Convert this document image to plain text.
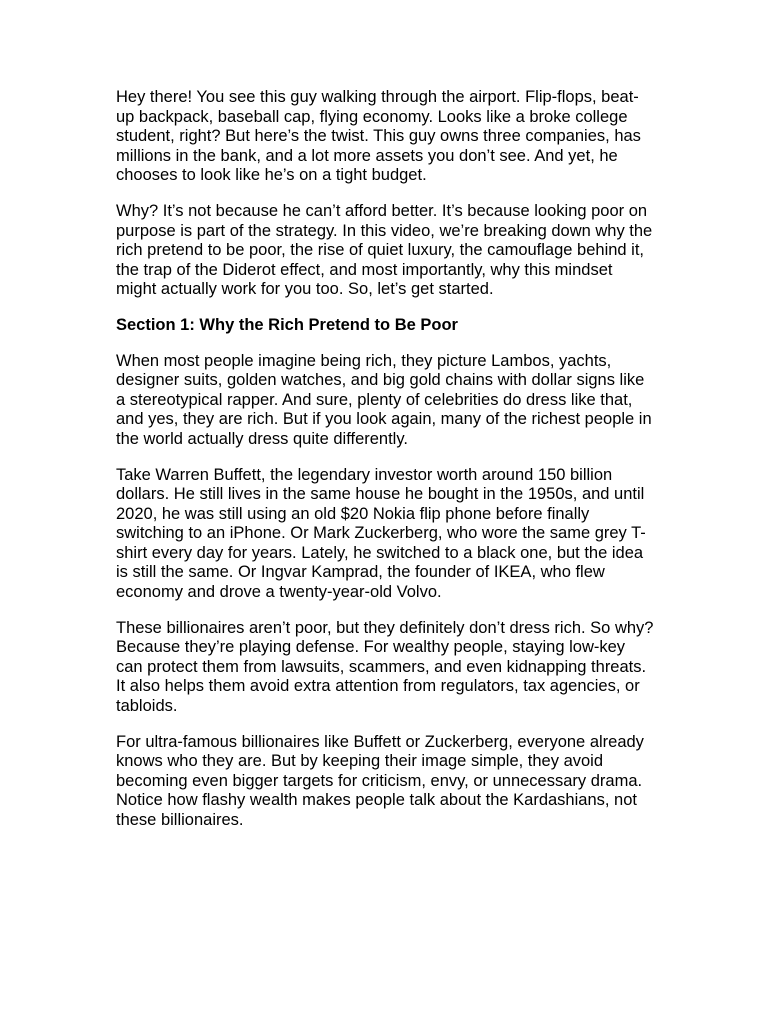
Hey there! You see this guy walking through the airport. Flip-flops, beat-up backpack, baseball cap, flying economy. Looks like a broke college student, right? But here’s the twist. This guy owns three companies, has millions in the bank, and a lot more assets you don’t see. And yet, he chooses to look like he’s on a tight budget.

Why? It’s not because he can’t afford better. It’s because looking poor on purpose is part of the strategy. In this video, we’re breaking down why the rich pretend to be poor, the rise of quiet luxury, the camouflage behind it, the trap of the Diderot effect, and most importantly, why this mindset might actually work for you too. So, let’s get started.

Section 1: Why the Rich Pretend to Be Poor

When most people imagine being rich, they picture Lambos, yachts, designer suits, golden watches, and big gold chains with dollar signs like a stereotypical rapper. And sure, plenty of celebrities do dress like that, and yes, they are rich. But if you look again, many of the richest people in the world actually dress quite differently.

Take Warren Buffett, the legendary investor worth around 150 billion dollars. He still lives in the same house he bought in the 1950s, and until 2020, he was still using an old $20 Nokia flip phone before finally switching to an iPhone. Or Mark Zuckerberg, who wore the same grey T-shirt every day for years. Lately, he switched to a black one, but the idea is still the same. Or Ingvar Kamprad, the founder of IKEA, who flew economy and drove a twenty-year-old Volvo.

These billionaires aren’t poor, but they definitely don’t dress rich. So why? Because they’re playing defense. For wealthy people, staying low-key can protect them from lawsuits, scammers, and even kidnapping threats. It also helps them avoid extra attention from regulators, tax agencies, or tabloids.

For ultra-famous billionaires like Buffett or Zuckerberg, everyone already knows who they are. But by keeping their image simple, they avoid becoming even bigger targets for criticism, envy, or unnecessary drama. Notice how flashy wealth makes people talk about the Kardashians, not these billionaires.
